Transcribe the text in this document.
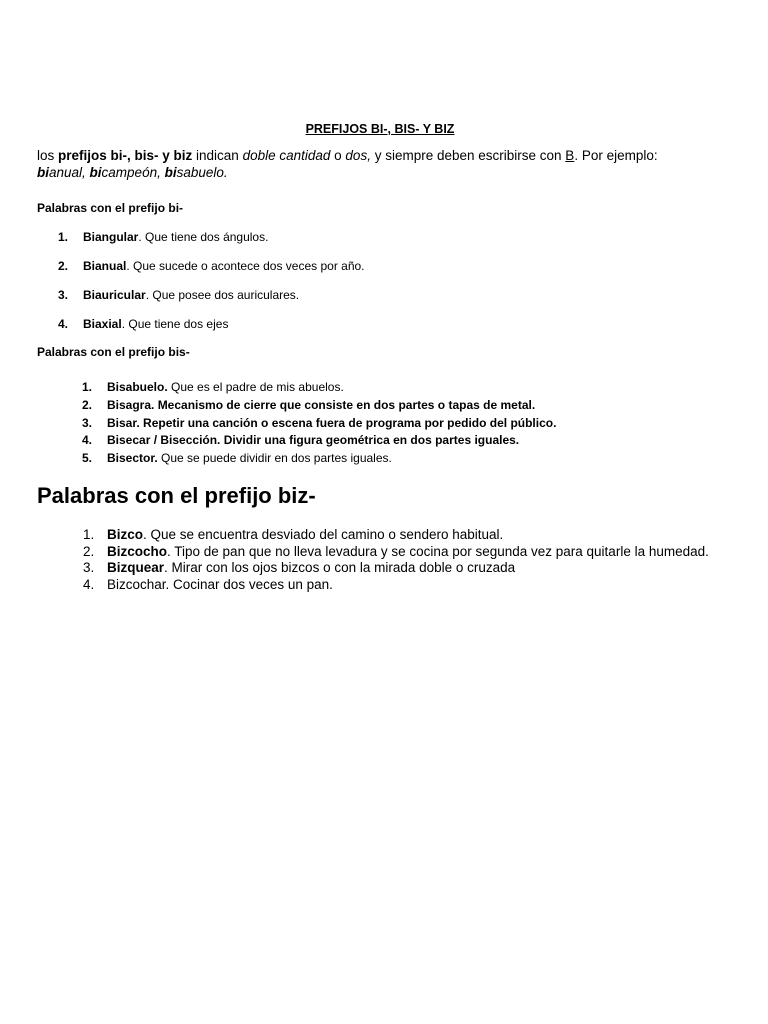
PREFIJOS BI-, BIS- Y BIZ

los prefijos bi-, bis- y biz indican doble cantidad o dos, y siempre deben escribirse con B. Por ejemplo: bianual, bicampeón, bisabuelo.

Palabras con el prefijo bi-

1. Biangular. Que tiene dos ángulos.
2. Bianual. Que sucede o acontece dos veces por año.
3. Biauricular. Que posee dos auriculares.
4. Biaxial. Que tiene dos ejes

Palabras con el prefijo bis-

1. Bisabuelo. Que es el padre de mis abuelos.
2. Bisagra. Mecanismo de cierre que consiste en dos partes o tapas de metal.
3. Bisar. Repetir una canción o escena fuera de programa por pedido del público.
4. Bisecar / Bisección. Dividir una figura geométrica en dos partes iguales.
5. Bisector. Que se puede dividir en dos partes iguales.

Palabras con el prefijo biz-

1. Bizco. Que se encuentra desviado del camino o sendero habitual.
2. Bizcocho. Tipo de pan que no lleva levadura y se cocina por segunda vez para quitarle la humedad.
3. Bizquear. Mirar con los ojos bizcos o con la mirada doble o cruzada
4. Bizcochar. Cocinar dos veces un pan.
